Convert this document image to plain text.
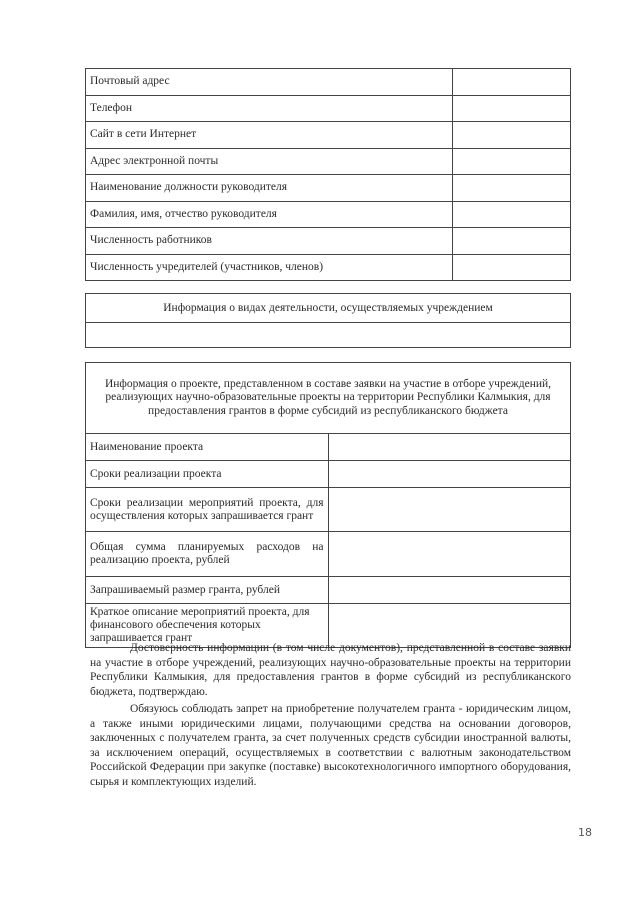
Почтовый адрес	
Телефон	
Сайт в сети Интернет	
Адрес электронной почты	
Наименование должности руководителя	
Фамилия, имя, отчество руководителя	
Численность работников	
Численность учредителей (участников, членов)	
Информация о видах деятельности, осуществляемых учреждением

Информация о проекте, представленном в составе заявки на участие в отборе учреждений, реализующих научно-образовательные проекты на территории Республики Калмыкия, для предоставления грантов в форме субсидий из республиканского бюджета	
Наименование проекта	
Сроки реализации проекта	
Сроки реализации мероприятий проекта, для осуществления которых запрашивается грант	
Общая сумма планируемых расходов на реализацию проекта, рублей	
Запрашиваемый размер гранта, рублей	
Краткое описание мероприятий проекта, для финансового обеспечения которых запрашивается грант	

Достоверность информации (в том числе документов), представленной в составе заявки на участие в отборе учреждений, реализующих научно-образовательные проекты на территории Республики Калмыкия, для предоставления грантов в форме субсидий из республиканского бюджета, подтверждаю.

Обязуюсь соблюдать запрет на приобретение получателем гранта - юридическим лицом, а также иными юридическими лицами, получающими средства на основании договоров, заключенных с получателем гранта, за счет полученных средств субсидии иностранной валюты, за исключением операций, осуществляемых в соответствии с валютным законодательством Российской Федерации при закупке (поставке) высокотехнологичного импортного оборудования, сырья и комплектующих изделий.

18
